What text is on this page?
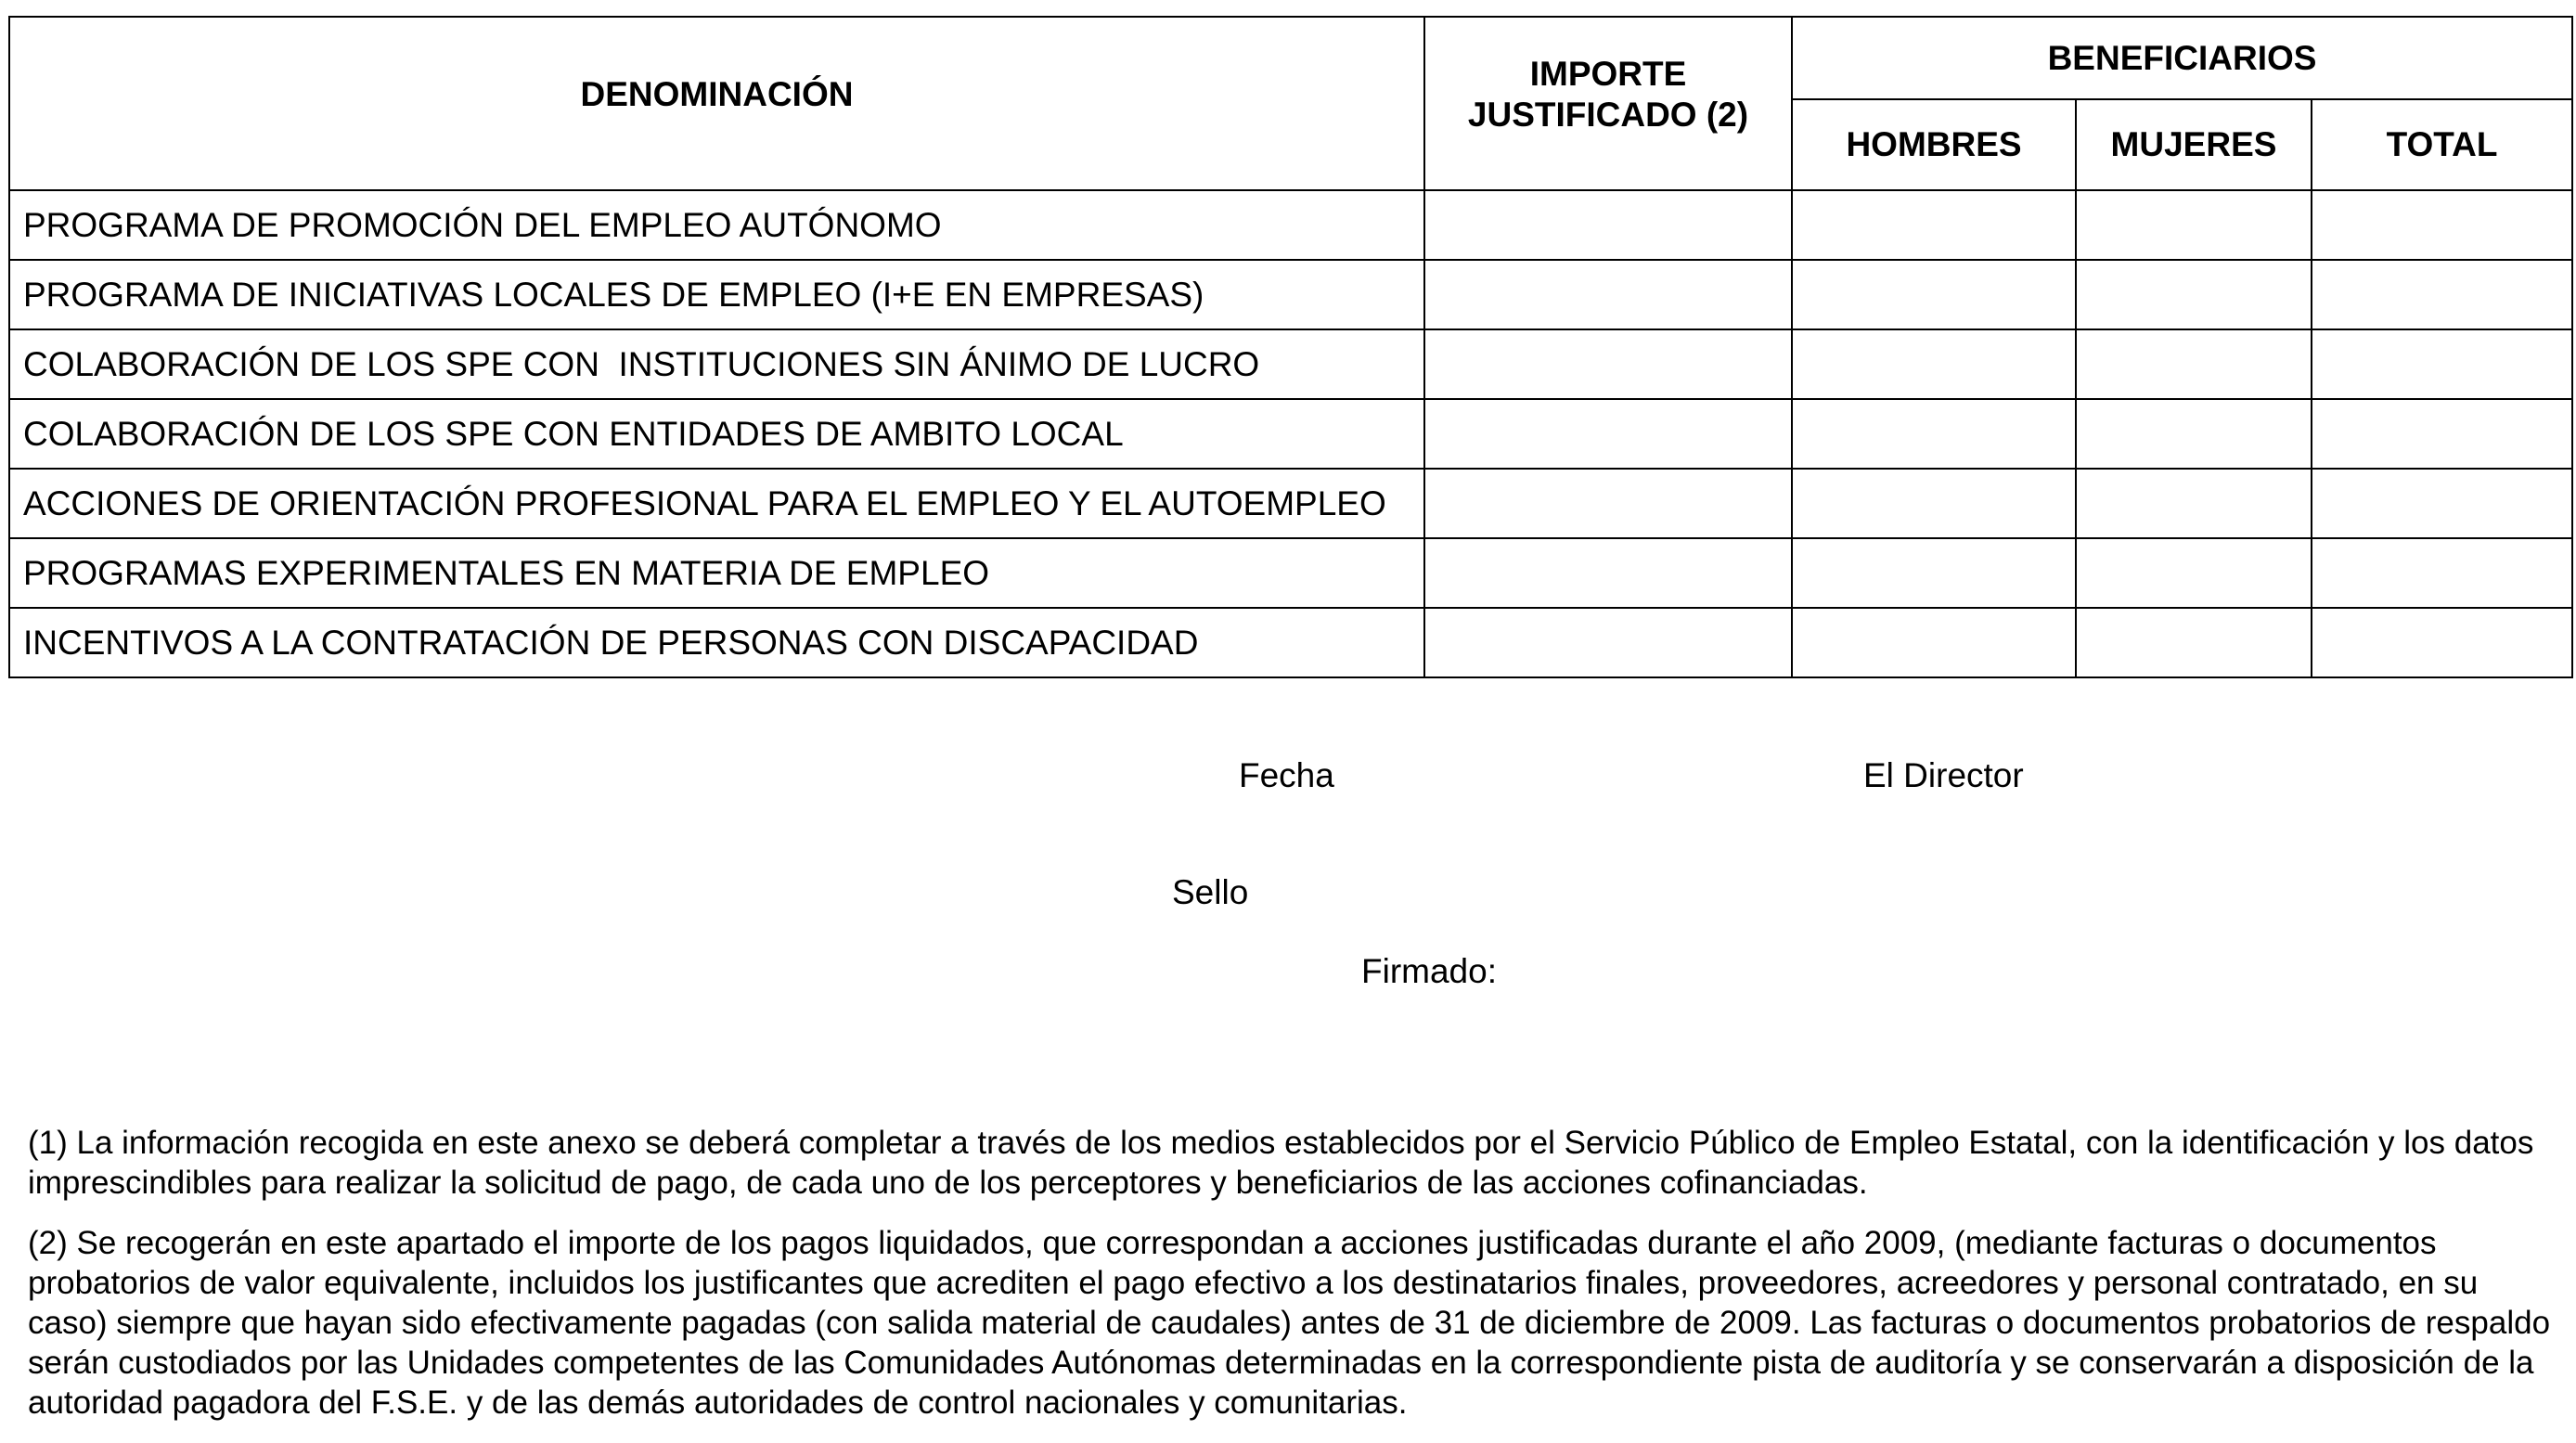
DENOMINACIÓN	IMPORTE JUSTIFICADO (2)	BENEFICIARIOS		
		HOMBRES	MUJERES	TOTAL
PROGRAMA DE PROMOCIÓN DEL EMPLEO AUTÓNOMO				
PROGRAMA DE INICIATIVAS LOCALES DE EMPLEO (I+E EN EMPRESAS)				
COLABORACIÓN DE LOS SPE CON  INSTITUCIONES SIN ÁNIMO DE LUCRO				
COLABORACIÓN DE LOS SPE CON ENTIDADES DE AMBITO LOCAL				
ACCIONES DE ORIENTACIÓN PROFESIONAL PARA EL EMPLEO Y EL AUTOEMPLEO				
PROGRAMAS EXPERIMENTALES EN MATERIA DE EMPLEO				
INCENTIVOS A LA CONTRATACIÓN DE PERSONAS CON DISCAPACIDAD				
Fecha	El Director
Sello
Firmado:

(1) La información recogida en este anexo se deberá completar a través de los medios establecidos por el Servicio Público de Empleo Estatal, con la identificación y los datos imprescindibles para realizar la solicitud de pago, de cada uno de los perceptores y beneficiarios de las acciones cofinanciadas.

(2) Se recogerán en este apartado el importe de los pagos liquidados, que correspondan a acciones justificadas durante el año 2009, (mediante facturas o documentos probatorios de valor equivalente, incluidos los justificantes que acrediten el pago efectivo a los destinatarios finales, proveedores, acreedores y personal contratado, en su caso) siempre que hayan sido efectivamente pagadas (con salida material de caudales) antes de 31 de diciembre de 2009. Las facturas o documentos probatorios de respaldo serán custodiados por las Unidades competentes de las Comunidades Autónomas determinadas en la correspondiente pista de auditoría y se conservarán a disposición de la autoridad pagadora del F.S.E. y de las demás autoridades de control nacionales y comunitarias.
